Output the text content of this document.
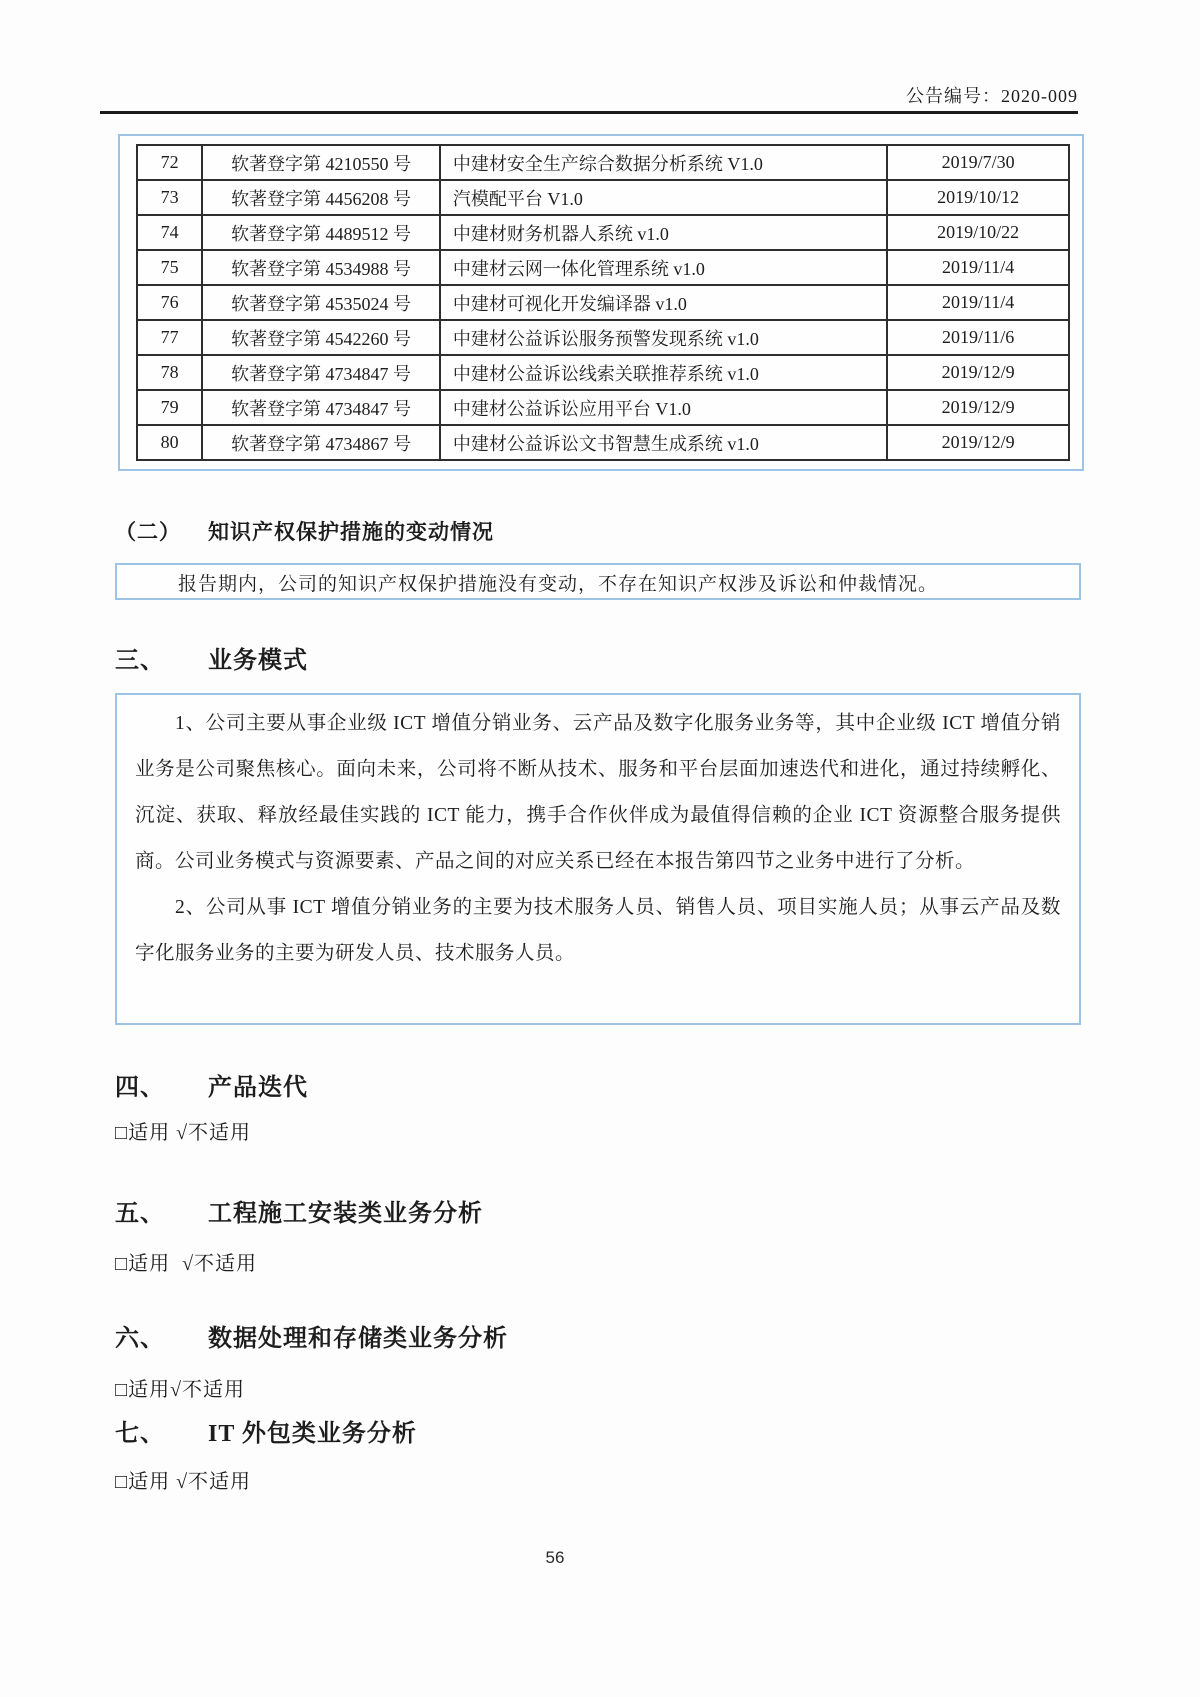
公告编号：2020-009
72	软著登字第 4210550 号	中建材安全生产综合数据分析系统 V1.0	2019/7/30
73	软著登字第 4456208 号	汽模配平台 V1.0	2019/10/12
74	软著登字第 4489512 号	中建材财务机器人系统 v1.0	2019/10/22
75	软著登字第 4534988 号	中建材云网一体化管理系统 v1.0	2019/11/4
76	软著登字第 4535024 号	中建材可视化开发编译器 v1.0	2019/11/4
77	软著登字第 4542260 号	中建材公益诉讼服务预警发现系统 v1.0	2019/11/6
78	软著登字第 4734847 号	中建材公益诉讼线索关联推荐系统 v1.0	2019/12/9
79	软著登字第 4734847 号	中建材公益诉讼应用平台 V1.0	2019/12/9
80	软著登字第 4734867 号	中建材公益诉讼文书智慧生成系统 v1.0	2019/12/9
（二） 知识产权保护措施的变动情况

报告期内，公司的知识产权保护措施没有变动，不存在知识产权涉及诉讼和仲裁情况。

三、 业务模式

1、公司主要从事企业级 ICT 增值分销业务、云产品及数字化服务业务等，其中企业级 ICT 增值分销业务是公司聚焦核心。面向未来，公司将不断从技术、服务和平台层面加速迭代和进化，通过持续孵化、沉淀、获取、释放经最佳实践的 ICT 能力，携手合作伙伴成为最值得信赖的企业 ICT 资源整合服务提供商。公司业务模式与资源要素、产品之间的对应关系已经在本报告第四节之业务中进行了分析。

2、公司从事 ICT 增值分销业务的主要为技术服务人员、销售人员、项目实施人员；从事云产品及数字化服务业务的主要为研发人员、技术服务人员。

四、 产品迭代
□适用 √不适用
五、 工程施工安装类业务分析
□适用  √不适用
六、 数据处理和存储类业务分析
□适用√不适用
七、 IT 外包类业务分析
□适用 √不适用
56
